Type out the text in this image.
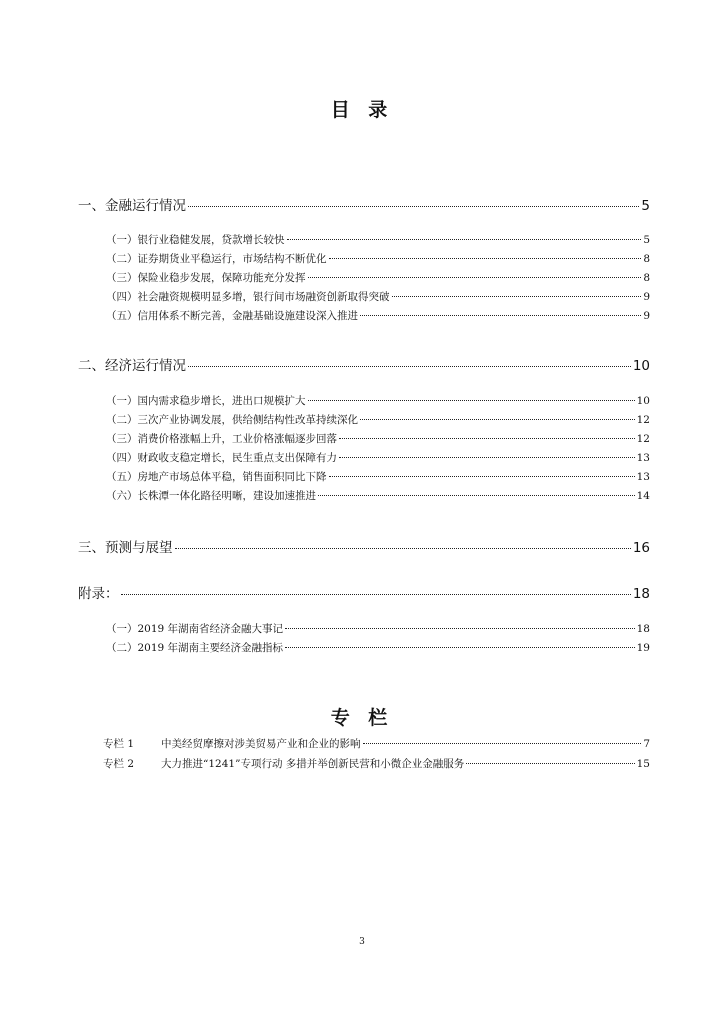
目 录
一、金融运行情况	5
（一）银行业稳健发展，贷款增长较快	5
（二）证券期货业平稳运行，市场结构不断优化	8
（三）保险业稳步发展，保障功能充分发挥	8
（四）社会融资规模明显多增，银行间市场融资创新取得突破	9
（五）信用体系不断完善，金融基础设施建设深入推进	9
二、经济运行情况	10
（一）国内需求稳步增长，进出口规模扩大	10
（二）三次产业协调发展，供给侧结构性改革持续深化	12
（三）消费价格涨幅上升，工业价格涨幅逐步回落	12
（四）财政收支稳定增长，民生重点支出保障有力	13
（五）房地产市场总体平稳，销售面积同比下降	13
（六）长株潭一体化路径明晰，建设加速推进	14
三、预测与展望	16
附录：	18
（一）2019 年湖南省经济金融大事记	18
（二）2019 年湖南主要经济金融指标	19
专 栏
专栏 1	中美经贸摩擦对涉美贸易产业和企业的影响	7
专栏 2	大力推进“1241”专项行动 多措并举创新民营和小微企业金融服务	15
3
